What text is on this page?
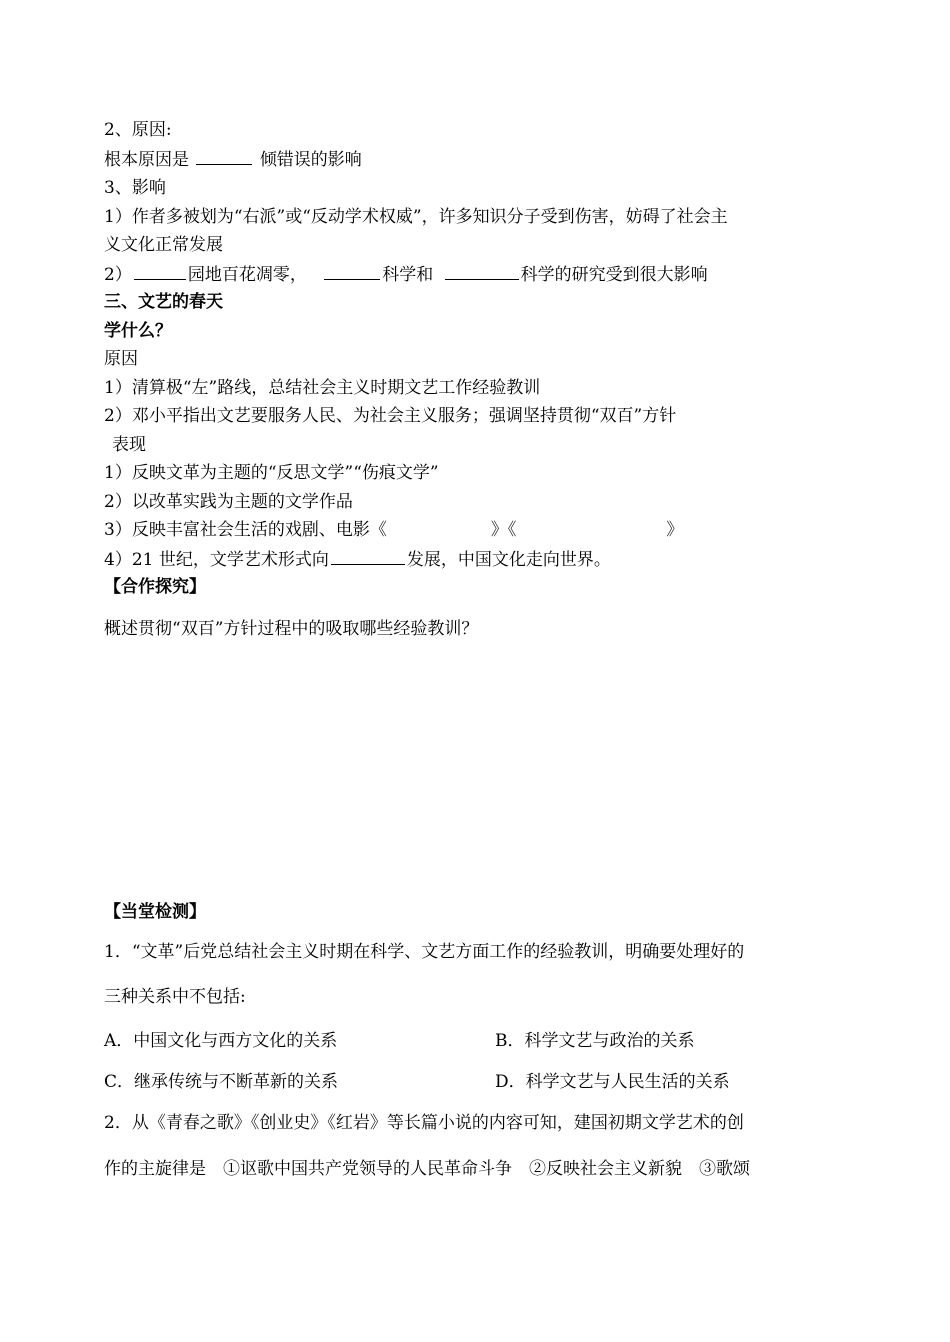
2、原因:
根本原因是	倾错误的影响
3、影响
1）作者多被划为“右派”或“反动学术权威”，许多知识分子受到伤害，妨碍了社会主
义文化正常发展
2）	园地百花凋零，	科学和	科学的研究受到很大影响
三、文艺的春天
学什么？
原因
1）清算极“左”路线，总结社会主义时期文艺工作经验教训
2）邓小平指出文艺要服务人民、为社会主义服务；强调坚持贯彻“双百”方针
表现
1）反映文革为主题的“反思文学”“伤痕文学”
2）以改革实践为主题的文学作品
3）反映丰富社会生活的戏剧、电影《	》《	》
4）21 世纪，文学艺术形式向	发展，中国文化走向世界。
【合作探究】
概述贯彻“双百”方针过程中的吸取哪些经验教训？
【当堂检测】
1．“文革”后党总结社会主义时期在科学、文艺方面工作的经验教训，明确要处理好的
三种关系中不包括:
A．中国文化与西方文化的关系	B．科学文艺与政治的关系
C．继承传统与不断革新的关系	D．科学文艺与人民生活的关系
2．从《青春之歌》《创业史》《红岩》等长篇小说的内容可知，建国初期文学艺术的创
作的主旋律是　①讴歌中国共产党领导的人民革命斗争　②反映社会主义新貌　③歌颂
